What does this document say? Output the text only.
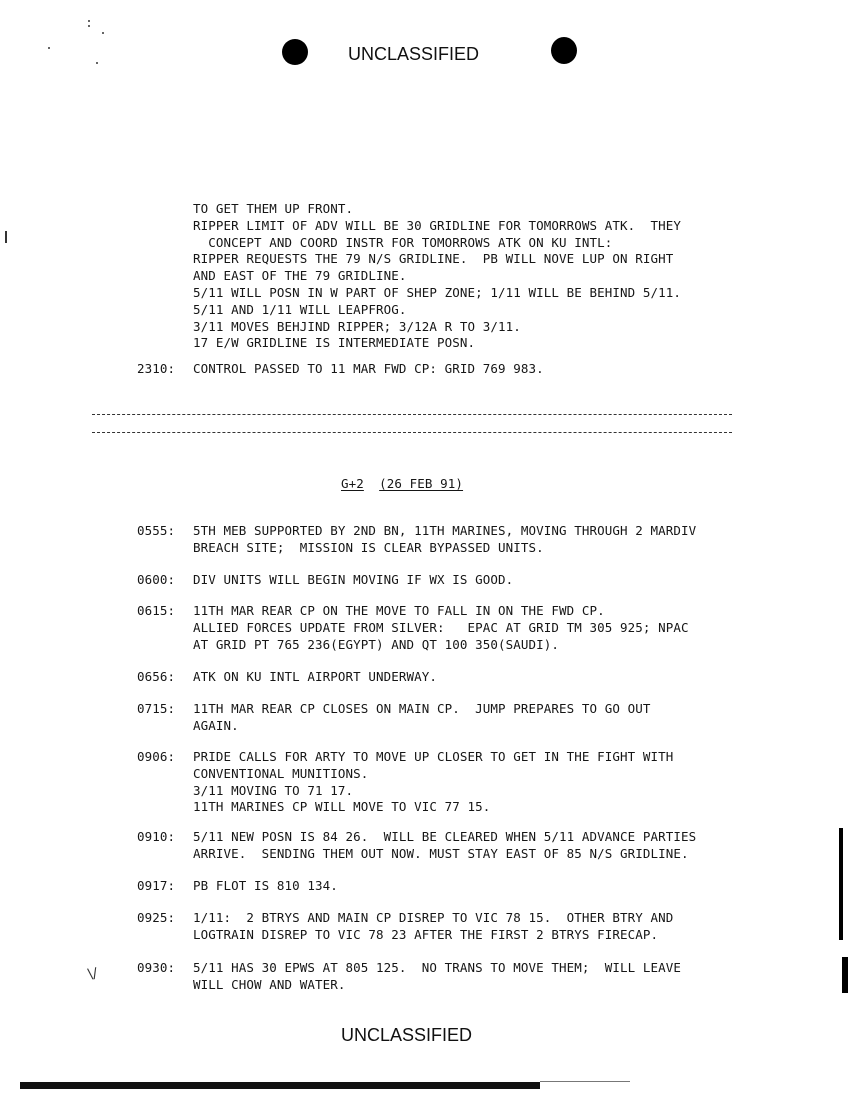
UNCLASSIFIED
TO GET THEM UP FRONT.
RIPPER LIMIT OF ADV WILL BE 30 GRIDLINE FOR TOMORROWS ATK.  THEY
CONCEPT AND COORD INSTR FOR TOMORROWS ATK ON KU INTL:
RIPPER REQUESTS THE 79 N/S GRIDLINE.  PB WILL NOVE LUP ON RIGHT
AND EAST OF THE 79 GRIDLINE.
5/11 WILL POSN IN W PART OF SHEP ZONE; 1/11 WILL BE BEHIND 5/11.
5/11 AND 1/11 WILL LEAPFROG.
3/11 MOVES BEHJIND RIPPER; 3/12A R TO 3/11.
17 E/W GRIDLINE IS INTERMEDIATE POSN.
2310:	CONTROL PASSED TO 11 MAR FWD CP: GRID 769 983.
G+2 (26 FEB 91)
0555:	5TH MEB SUPPORTED BY 2ND BN, 11TH MARINES, MOVING THROUGH 2 MARDIV
BREACH SITE;  MISSION IS CLEAR BYPASSED UNITS.
0600:	DIV UNITS WILL BEGIN MOVING IF WX IS GOOD.
0615:	11TH MAR REAR CP ON THE MOVE TO FALL IN ON THE FWD CP.
ALLIED FORCES UPDATE FROM SILVER:   EPAC AT GRID TM 305 925; NPAC
AT GRID PT 765 236(EGYPT) AND QT 100 350(SAUDI).
0656:	ATK ON KU INTL AIRPORT UNDERWAY.
0715:	11TH MAR REAR CP CLOSES ON MAIN CP.  JUMP PREPARES TO GO OUT
AGAIN.
0906:	PRIDE CALLS FOR ARTY TO MOVE UP CLOSER TO GET IN THE FIGHT WITH
CONVENTIONAL MUNITIONS.
3/11 MOVING TO 71 17.
11TH MARINES CP WILL MOVE TO VIC 77 15.
0910:	5/11 NEW POSN IS 84 26.  WILL BE CLEARED WHEN 5/11 ADVANCE PARTIES
ARRIVE.  SENDING THEM OUT NOW. MUST STAY EAST OF 85 N/S GRIDLINE.
0917:	PB FLOT IS 810 134.
0925:	1/11:  2 BTRYS AND MAIN CP DISREP TO VIC 78 15.  OTHER BTRY AND
LOGTRAIN DISREP TO VIC 78 23 AFTER THE FIRST 2 BTRYS FIRECAP.
0930:	5/11 HAS 30 EPWS AT 805 125.  NO TRANS TO MOVE THEM;  WILL LEAVE
WILL CHOW AND WATER.
\/
UNCLASSIFIED
